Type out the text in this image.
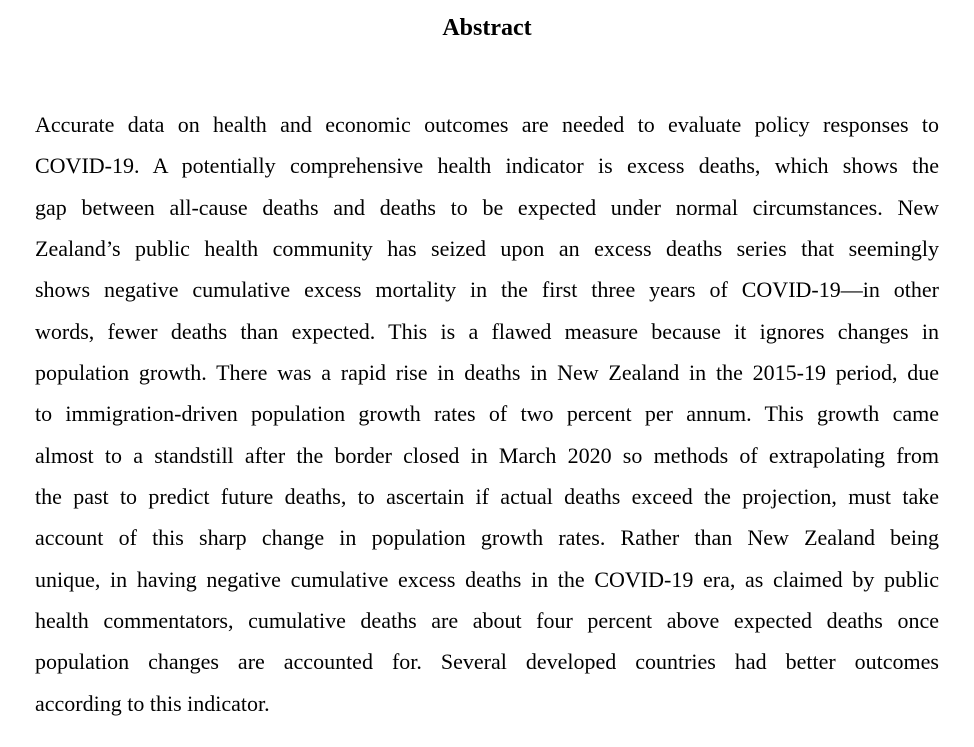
Abstract
Accurate data on health and economic outcomes are needed to evaluate policy responses to
COVID-19. A potentially comprehensive health indicator is excess deaths, which shows the
gap between all-cause deaths and deaths to be expected under normal circumstances. New
Zealand’s public health community has seized upon an excess deaths series that seemingly
shows negative cumulative excess mortality in the first three years of COVID-19—in other
words, fewer deaths than expected. This is a flawed measure because it ignores changes in
population growth. There was a rapid rise in deaths in New Zealand in the 2015-19 period, due
to immigration-driven population growth rates of two percent per annum. This growth came
almost to a standstill after the border closed in March 2020 so methods of extrapolating from
the past to predict future deaths, to ascertain if actual deaths exceed the projection, must take
account of this sharp change in population growth rates. Rather than New Zealand being
unique, in having negative cumulative excess deaths in the COVID-19 era, as claimed by public
health commentators, cumulative deaths are about four percent above expected deaths once
population changes are accounted for. Several developed countries had better outcomes
according to this indicator.
